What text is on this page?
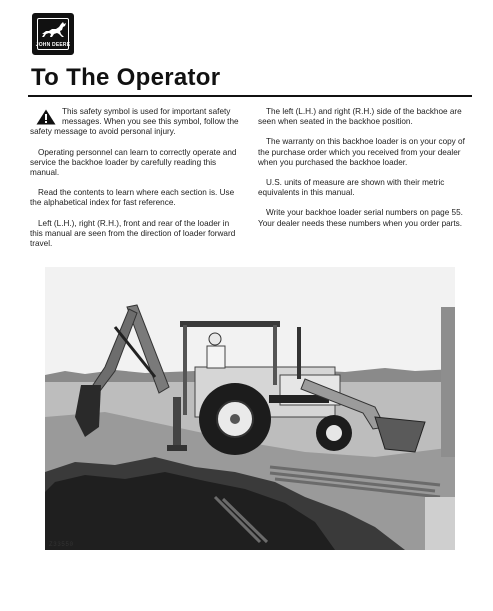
JOHN DEERE
To The Operator

This safety symbol is used for important safety messages. When you see this symbol, follow the safety message to avoid personal injury.

Operating personnel can learn to correctly operate and service the backhoe loader by carefully reading this manual.

Read the contents to learn where each section is. Use the alphabetical index for fast reference.

Left (L.H.), right (R.H.), front and rear of the loader in this manual are seen from the direction of loader forward travel.

The left (L.H.) and right (R.H.) side of the backhoe are seen when seated in the backhoe position.

The warranty on this backhoe loader is on your copy of the purchase order which you received from your dealer when you purchased the backhoe loader.

U.S. units of measure are shown with their metric equivalents in this manual.

Write your backhoe loader serial numbers on page 55. Your dealer needs these numbers when you order parts.

Z33550
